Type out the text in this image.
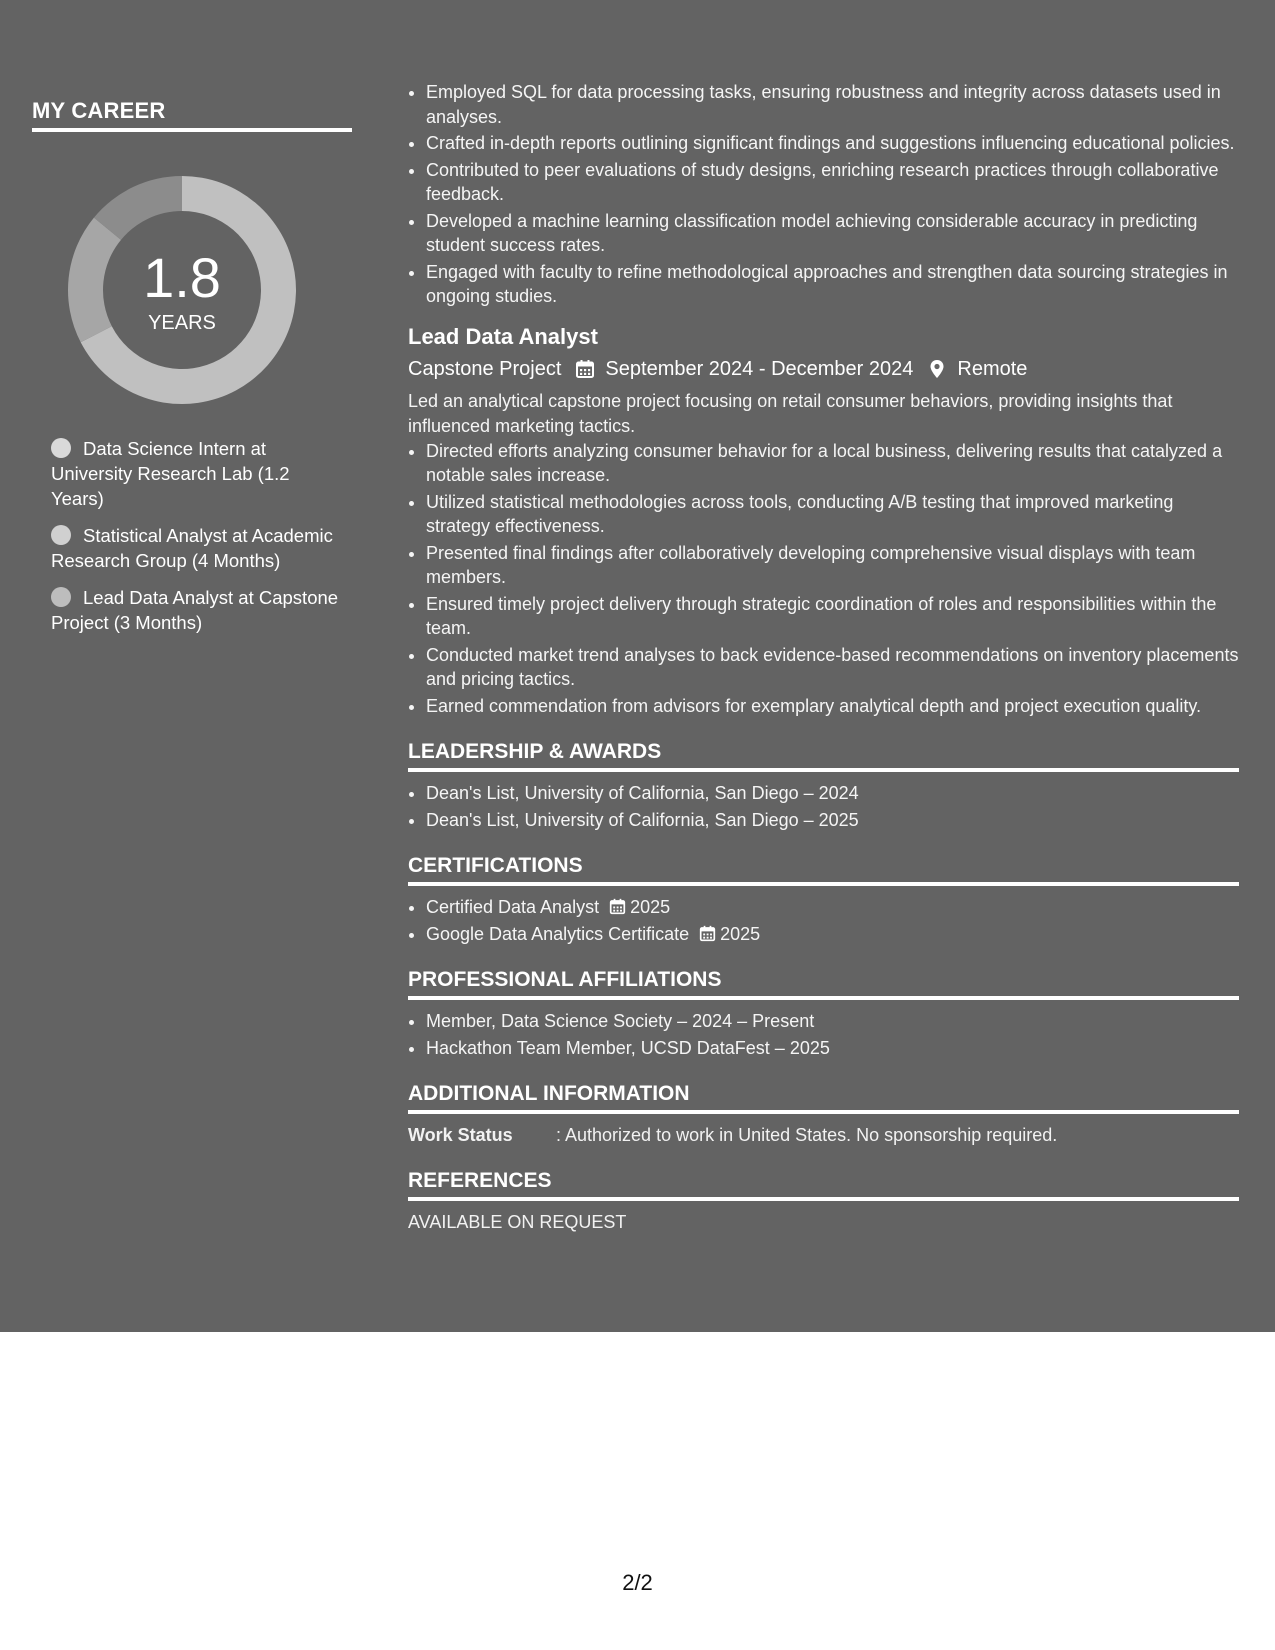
MY CAREER
1.8
YEARS
Data Science Intern at University Research Lab (1.2 Years)
Statistical Analyst at Academic Research Group (4 Months)
Lead Data Analyst at Capstone Project (3 Months)
• Employed SQL for data processing tasks, ensuring robustness and integrity across datasets used in analyses.
• Crafted in-depth reports outlining significant findings and suggestions influencing educational policies.
• Contributed to peer evaluations of study designs, enriching research practices through collaborative feedback.
• Developed a machine learning classification model achieving considerable accuracy in predicting student success rates.
• Engaged with faculty to refine methodological approaches and strengthen data sourcing strategies in ongoing studies.
Lead Data Analyst
Capstone Project September 2024 - December 2024 Remote
Led an analytical capstone project focusing on retail consumer behaviors, providing insights that influenced marketing tactics.
• Directed efforts analyzing consumer behavior for a local business, delivering results that catalyzed a notable sales increase.
• Utilized statistical methodologies across tools, conducting A/B testing that improved marketing strategy effectiveness.
• Presented final findings after collaboratively developing comprehensive visual displays with team members.
• Ensured timely project delivery through strategic coordination of roles and responsibilities within the team.
• Conducted market trend analyses to back evidence-based recommendations on inventory placements and pricing tactics.
• Earned commendation from advisors for exemplary analytical depth and project execution quality.
LEADERSHIP & AWARDS
• Dean's List, University of California, San Diego – 2024
• Dean's List, University of California, San Diego – 2025
CERTIFICATIONS
• Certified Data Analyst 2025
• Google Data Analytics Certificate 2025
PROFESSIONAL AFFILIATIONS
• Member, Data Science Society – 2024 – Present
• Hackathon Team Member, UCSD DataFest – 2025
ADDITIONAL INFORMATION
Work Status	: Authorized to work in United States. No sponsorship required.
REFERENCES
AVAILABLE ON REQUEST
2/2
